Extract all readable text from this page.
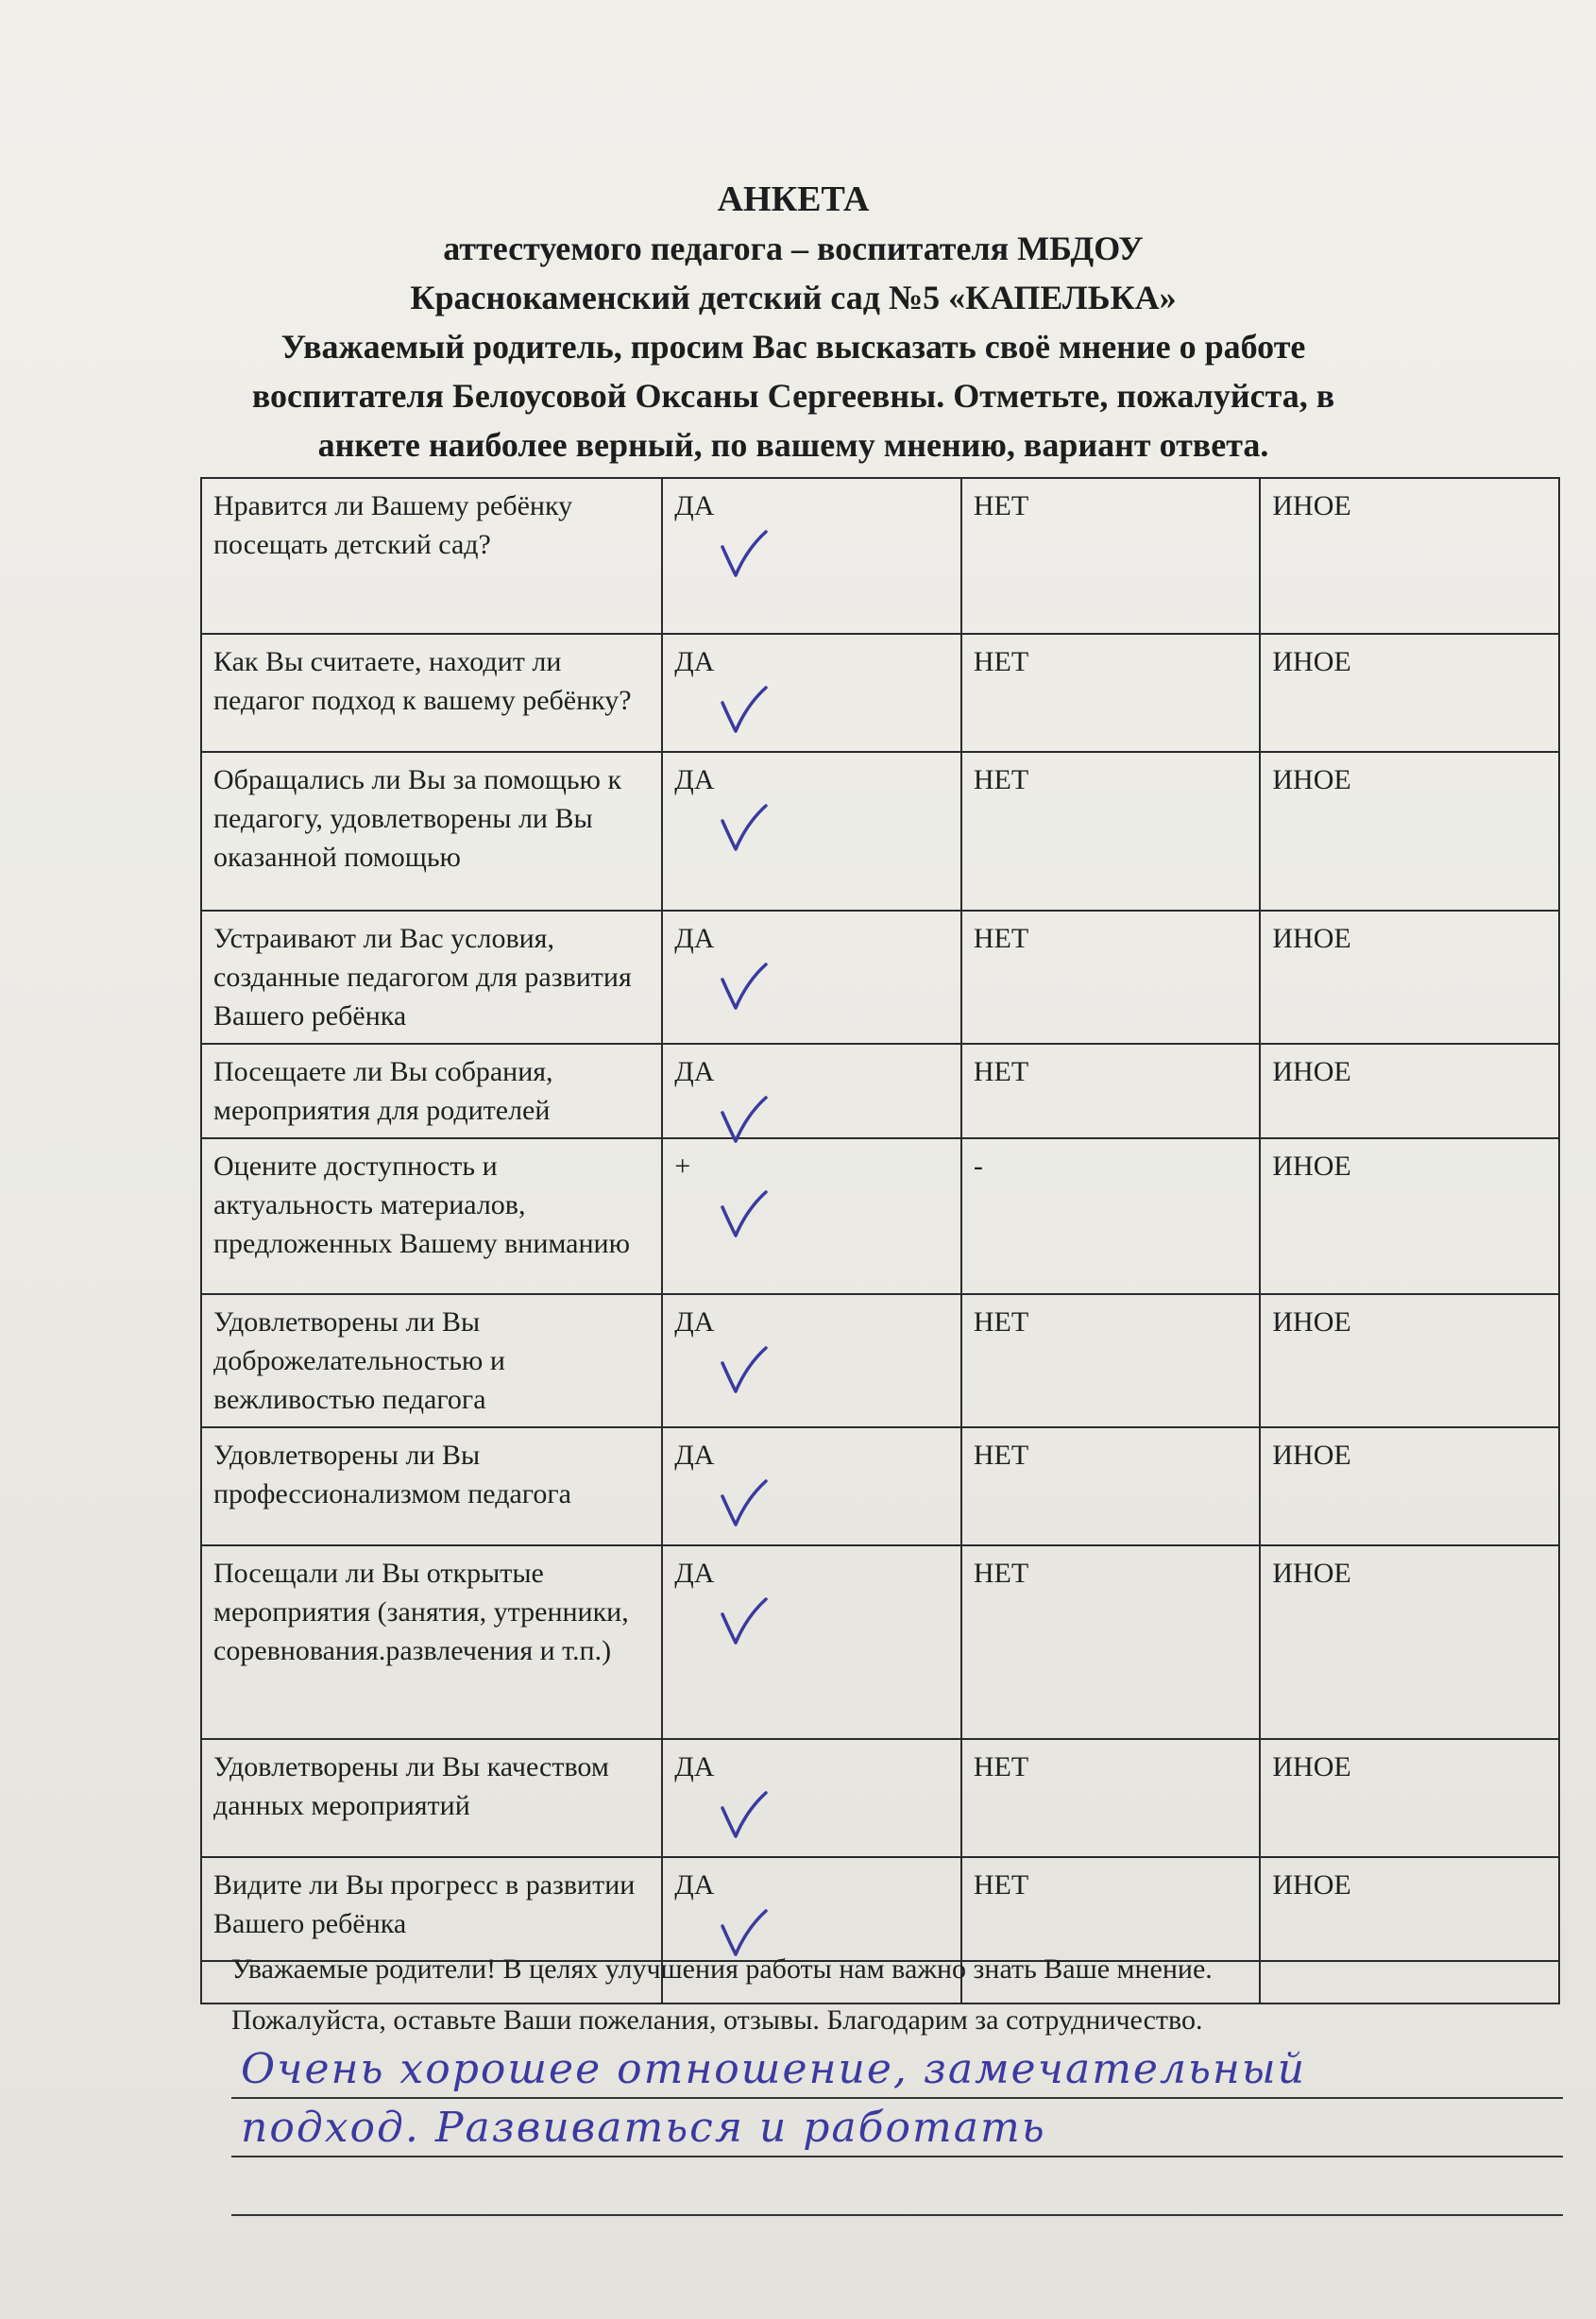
АНКЕТА
аттестуемого педагога – воспитателя МБДОУ
Краснокаменский детский сад №5 «КАПЕЛЬКА»
Уважаемый родитель, просим Вас высказать своё мнение о работе
воспитателя Белоусовой Оксаны Сергеевны. Отметьте, пожалуйста, в
анкете наиболее верный, по вашему мнению, вариант ответа.
Нравится ли Вашему ребёнку посещать детский сад?	ДА	НЕТ	ИНОЕ
Как Вы считаете, находит ли педагог подход к вашему ребёнку?	ДА	НЕТ	ИНОЕ
Обращались ли Вы за помощью к педагогу, удовлетворены ли Вы оказанной помощью	ДА	НЕТ	ИНОЕ
Устраивают ли Вас условия, созданные педагогом для развития Вашего ребёнка	ДА	НЕТ	ИНОЕ
Посещаете ли Вы собрания, мероприятия для родителей	ДА	НЕТ	ИНОЕ
Оцените доступность и актуальность материалов, предложенных Вашему вниманию	+	-	ИНОЕ
Удовлетворены ли Вы доброжелательностью и вежливостью педагога	ДА	НЕТ	ИНОЕ
Удовлетворены ли Вы профессионализмом педагога	ДА	НЕТ	ИНОЕ
Посещали ли Вы открытые мероприятия (занятия, утренники, соревнования.развлечения и т.п.)	ДА	НЕТ	ИНОЕ
Удовлетворены ли Вы качеством данных мероприятий	ДА	НЕТ	ИНОЕ
Видите ли Вы прогресс в развитии Вашего ребёнка	ДА	НЕТ	ИНОЕ

Уважаемые родители! В целях улучшения работы нам важно знать Ваше мнение.
Пожалуйста, оставьте Ваши пожелания, отзывы. Благодарим за сотрудничество.
Очень хорошее отношение, замечательный
подход. Развиваться и работать
